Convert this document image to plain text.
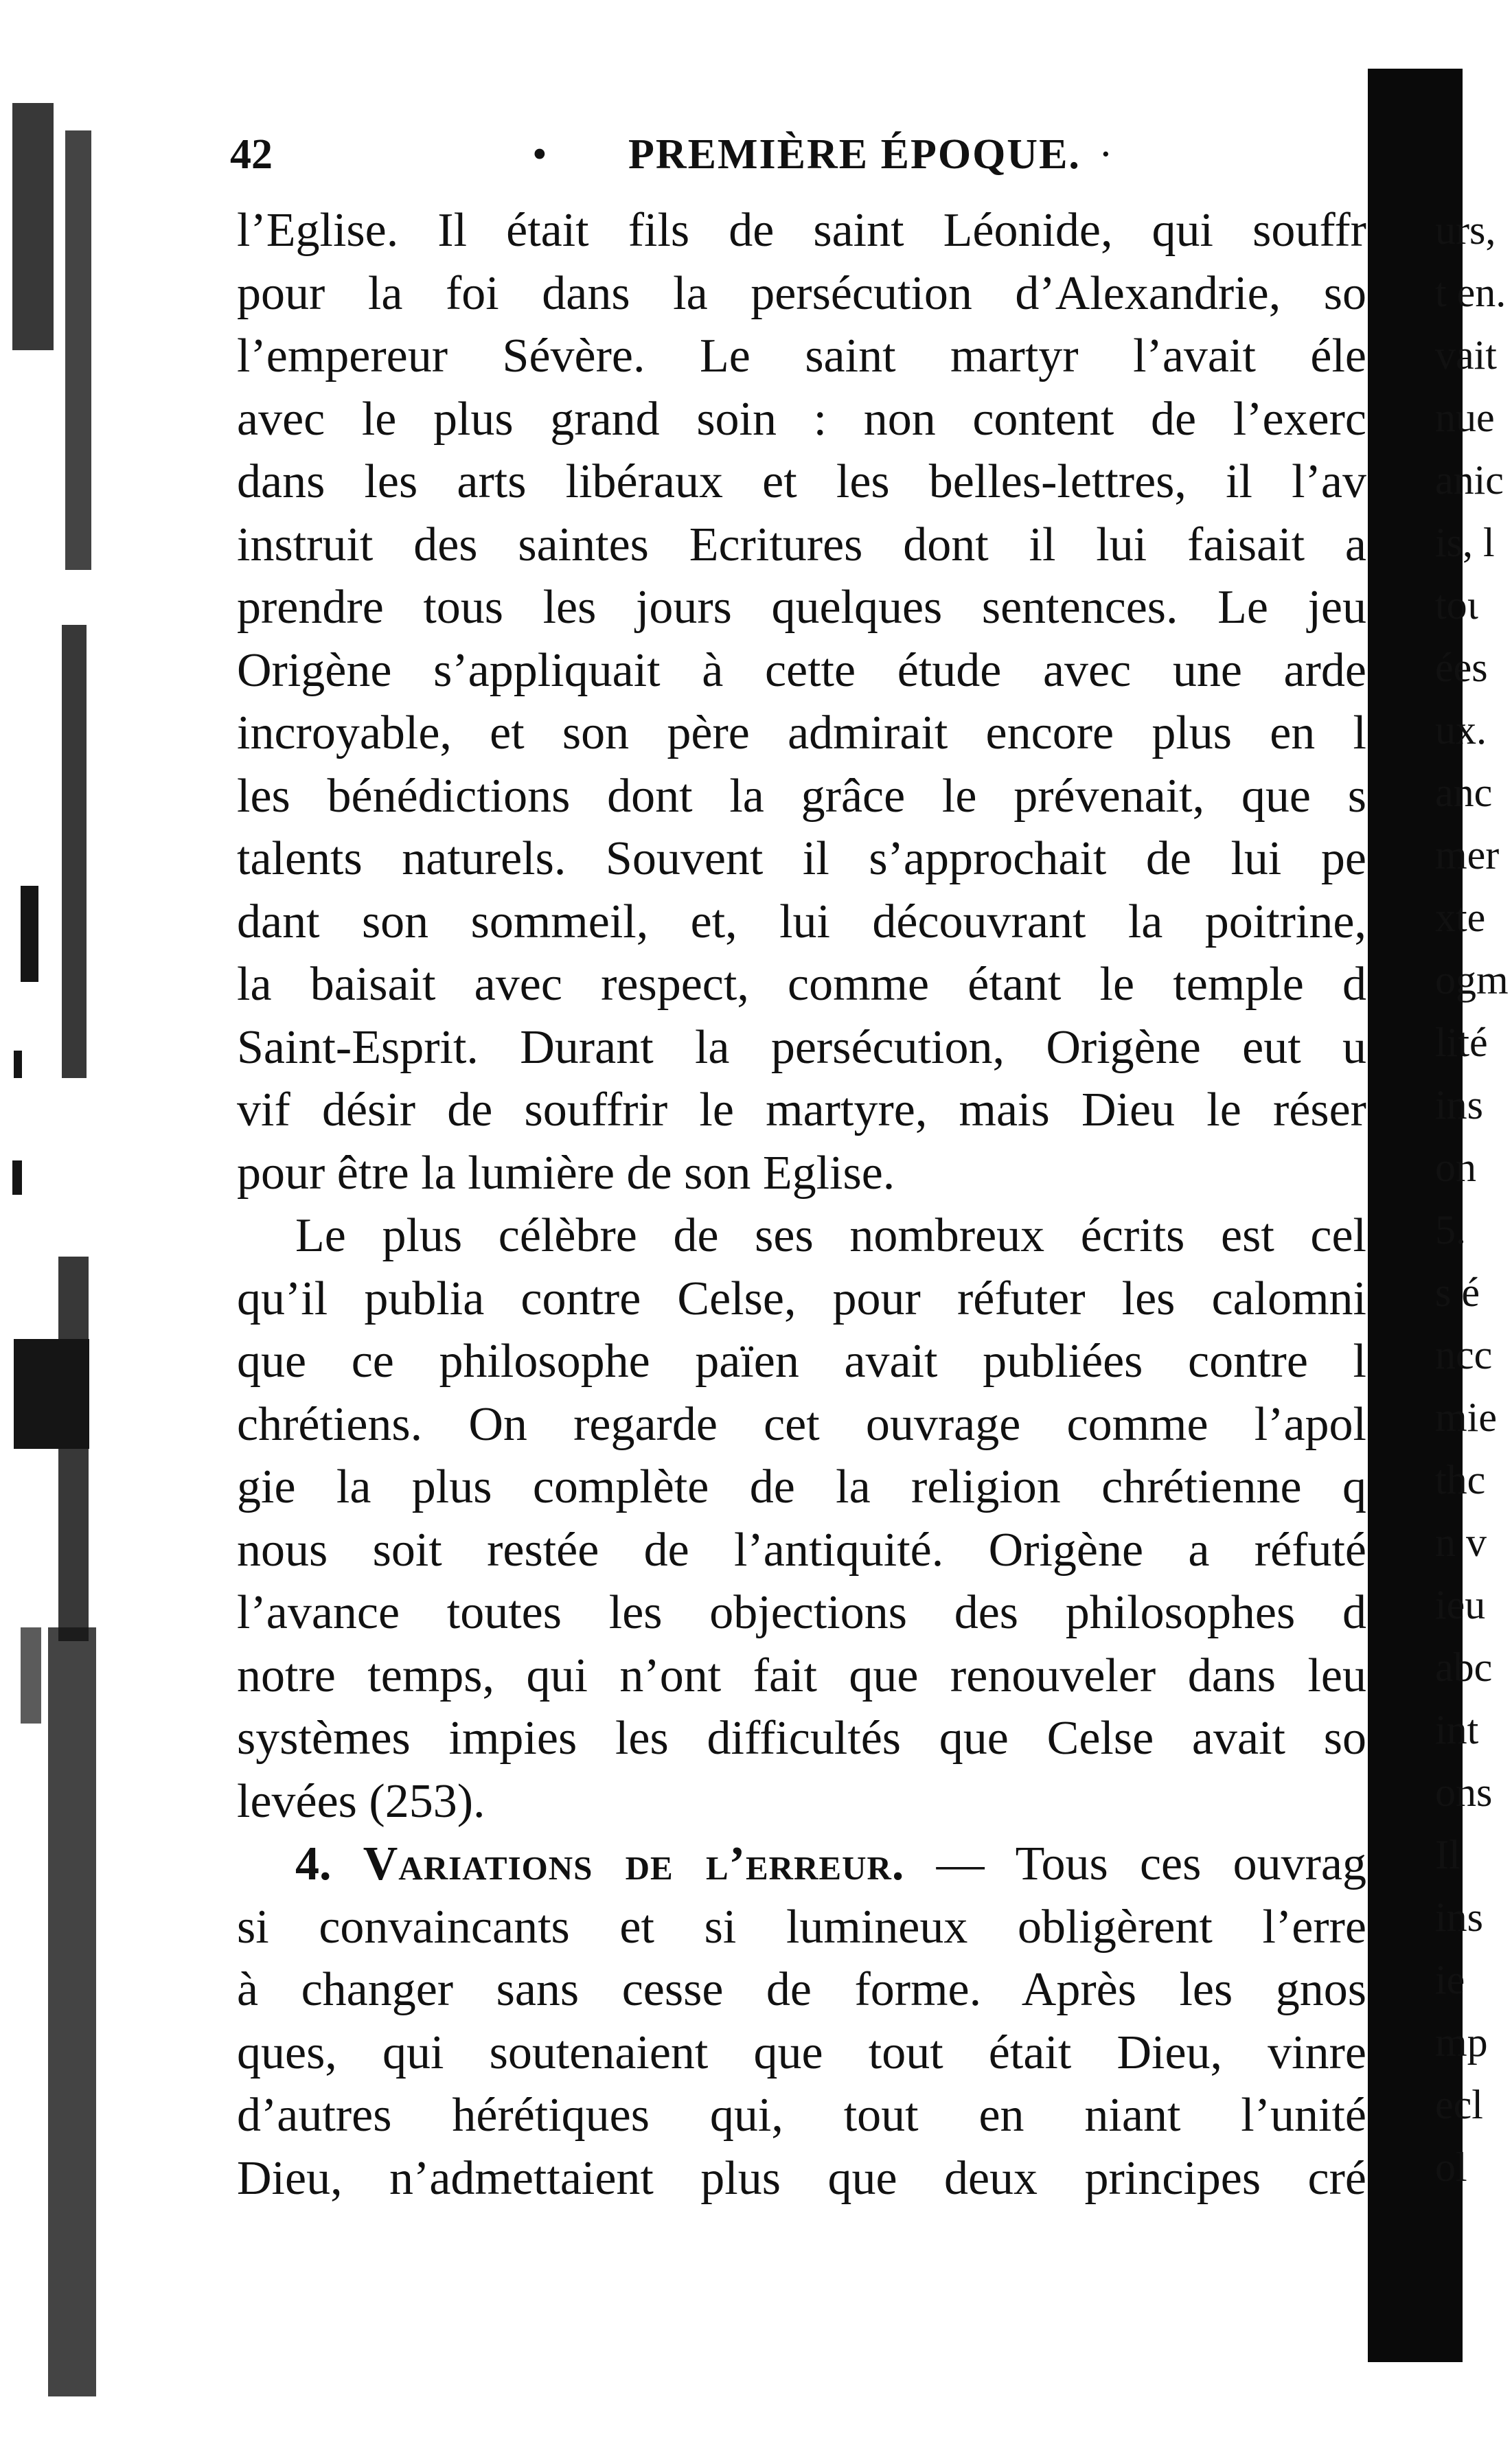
urs,
t en.
vait
nue
anic
is, l
toι
ées
ux.
anc
mer
xte
ogm
lité
ins
on
5.
s é
ncc
mie
thc
n v
ieu
abc
int
ons
Il
ins
ie
mp
ecl
ol
42	• PREMIÈRE ÉPOQUE. ·
l’Eglise. Il était fils de saint Léonide, qui souffr
pour la foi dans la persécution d’Alexandrie, so
l’empereur Sévère. Le saint martyr l’avait éle
avec le plus grand soin : non content de l’exerc
dans les arts libéraux et les belles-lettres, il l’av
instruit des saintes Ecritures dont il lui faisait a
prendre tous les jours quelques sentences. Le jeu
Origène s’appliquait à cette étude avec une arde
incroyable, et son père admirait encore plus en l
les bénédictions dont la grâce le prévenait, que s
talents naturels. Souvent il s’approchait de lui pe
dant son sommeil, et, lui découvrant la poitrine,
la baisait avec respect, comme étant le temple d
Saint-Esprit. Durant la persécution, Origène eut u
vif désir de souffrir le martyre, mais Dieu le réser
pour être la lumière de son Eglise.
Le plus célèbre de ses nombreux écrits est cel
qu’il publia contre Celse, pour réfuter les calomni
que ce philosophe païen avait publiées contre l
chrétiens. On regarde cet ouvrage comme l’apol
gie la plus complète de la religion chrétienne q
nous soit restée de l’antiquité. Origène a réfuté
l’avance toutes les objections des philosophes d
notre temps, qui n’ont fait que renouveler dans leu
systèmes impies les difficultés que Celse avait so
levées (253).
4. Variations de l’erreur. — Tous ces ouvrag
si convaincants et si lumineux obligèrent l’erre
à changer sans cesse de forme. Après les gnos
ques, qui soutenaient que tout était Dieu, vinre
d’autres hérétiques qui, tout en niant l’unité
Dieu, n’admettaient plus que deux principes cré
